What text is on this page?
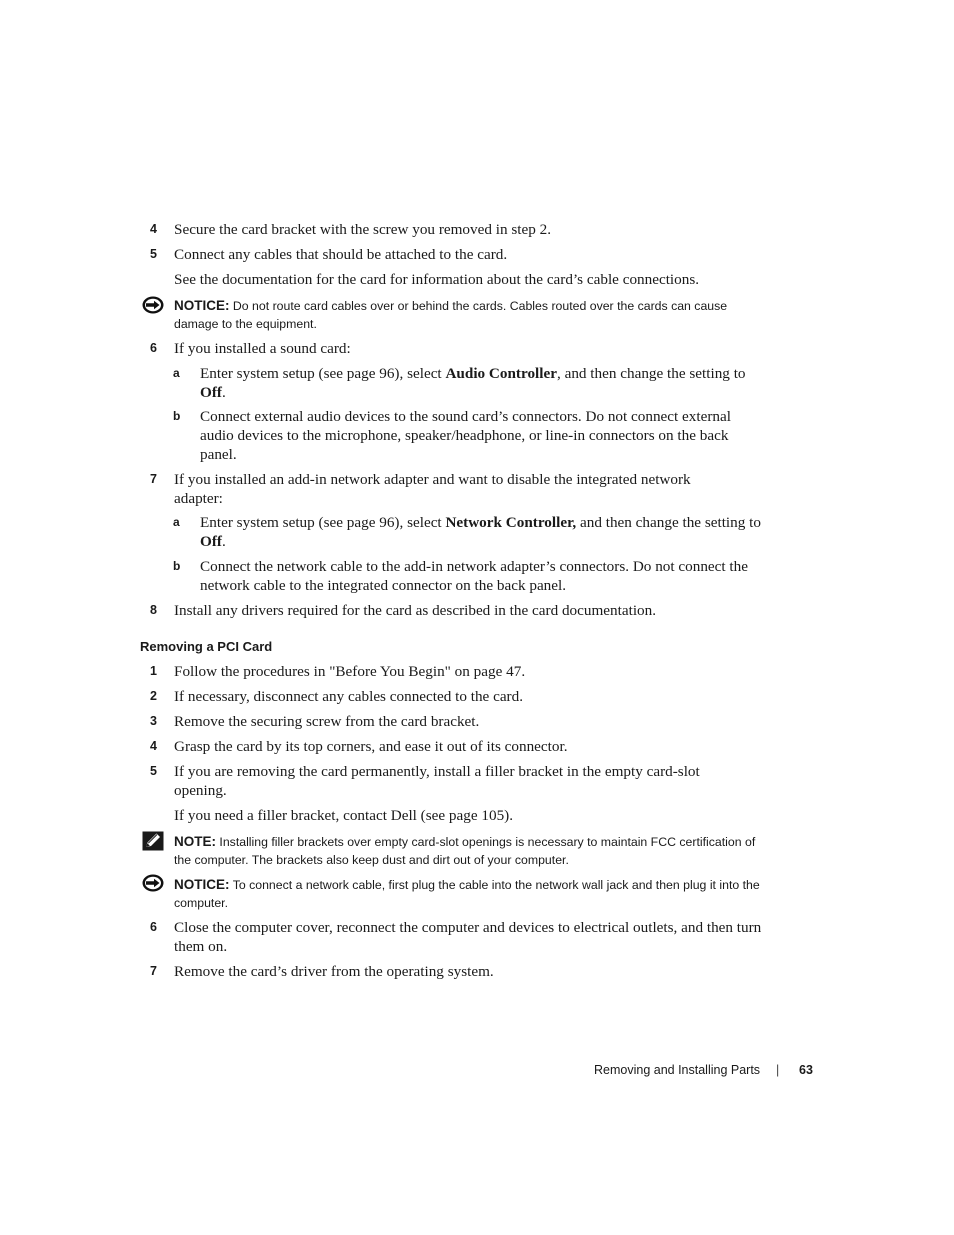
4	Secure the card bracket with the screw you removed in step 2.
5	Connect any cables that should be attached to the card.
See the documentation for the card for information about the card’s cable connections.
NOTICE: Do not route card cables over or behind the cards. Cables routed over the cards can cause damage to the equipment.
6	If you installed a sound card:
a	Enter system setup (see page 96), select Audio Controller, and then change the setting to Off.
b	Connect external audio devices to the sound card’s connectors. Do not connect external audio devices to the microphone, speaker/headphone, or line-in connectors on the back panel.
7	If you installed an add-in network adapter and want to disable the integrated network adapter:
a	Enter system setup (see page 96), select Network Controller, and then change the setting to Off.
b	Connect the network cable to the add-in network adapter’s connectors. Do not connect the network cable to the integrated connector on the back panel.
8	Install any drivers required for the card as described in the card documentation.
Removing a PCI Card
1	Follow the procedures in "Before You Begin" on page 47.
2	If necessary, disconnect any cables connected to the card.
3	Remove the securing screw from the card bracket.
4	Grasp the card by its top corners, and ease it out of its connector.
5	If you are removing the card permanently, install a filler bracket in the empty card-slot opening.
If you need a filler bracket, contact Dell (see page 105).
NOTE: Installing filler brackets over empty card-slot openings is necessary to maintain FCC certification of the computer. The brackets also keep dust and dirt out of your computer.
NOTICE: To connect a network cable, first plug the cable into the network wall jack and then plug it into the computer.
6	Close the computer cover, reconnect the computer and devices to electrical outlets, and then turn them on.
7	Remove the card’s driver from the operating system.
Removing and Installing Parts | 63
